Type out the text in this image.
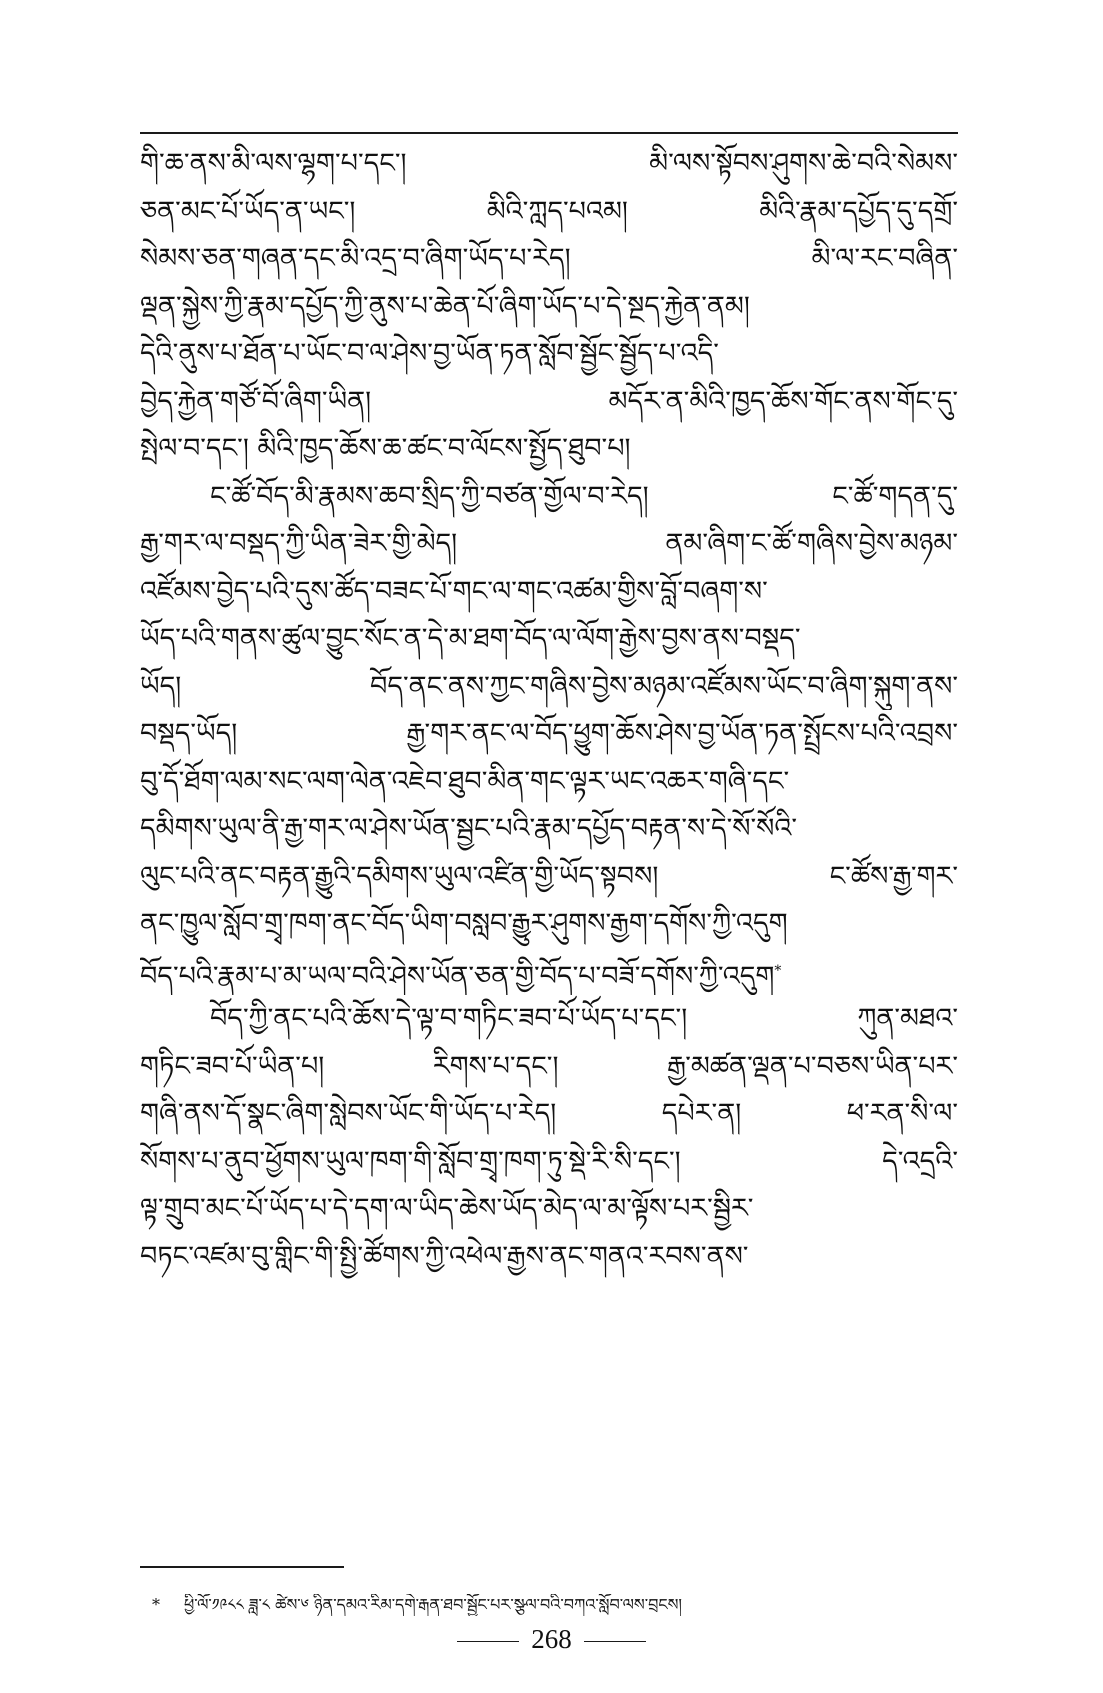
གི་ཆ་ནས་མི་ལས་ལྷག་པ་དང་། མི་ལས་སྟོབས་ཤུགས་ཆེ་བའི་སེམས་
ཅན་མང་པོ་ཡོད་ན་ཡང་། མིའི་ཀླད་པའམ། མིའི་རྣམ་དཔྱོད་དུ་དགྲོ་
སེམས་ཅན་གཞན་དང་མི་འདྲ་བ་ཞིག་ཡོད་པ་རེད། མི་ལ་རང་བཞིན་
ལྡན་སྐྱེས་ཀྱི་རྣམ་དཔྱོད་ཀྱི་ནུས་པ་ཆེན་པོ་ཞིག་ཡོད་པ་དེ་སྔད་རྐྱེན་ནམ།
དེའི་ནུས་པ་ཐོན་པ་ཡོང་བ་ལ་ཤེས་བྱ་ཡོན་ཏན་སློབ་སྦྱོང་སྦྱོད་པ་འདི་
བྱེད་རྐྱེན་གཙོ་བོ་ཞིག་ཡིན། མདོར་ན་མིའི་ཁྱད་ཆོས་གོང་ནས་གོང་དུ་
སྤེལ་བ་དང་། མིའི་ཁྱད་ཆོས་ཆ་ཚང་བ་ལོངས་སྤྱོད་ཐུབ་པ།
ང་ཚོ་བོད་མི་རྣམས་ཆབ་སྲིད་ཀྱི་བཙན་གྱོལ་བ་རེད། ང་ཚོ་གདན་དུ་
རྒྱ་གར་ལ་བསྡད་ཀྱི་ཡིན་ཟེར་གྱི་མེད། ནམ་ཞིག་ང་ཚོ་གཞིས་བྱེས་མཉམ་
འཛོམས་བྱེད་པའི་དུས་ཚོད་བཟང་པོ་གང་ལ་གང་འཚམ་གྱིས་བློ་བཞག་ས་
ཡོད་པའི་གནས་ཚུལ་བྱུང་སོང་ན་དེ་མ་ཐག་བོད་ལ་ལོག་རྒྱེས་བྱས་ནས་བསྡད་
ཡོད། བོད་ནང་ནས་ཀྱང་གཞིས་བྱེས་མཉམ་འཛོམས་ཡོང་བ་ཞིག་སྐུག་ནས་
བསྡད་ཡོད། རྒྱ་གར་ནང་ལ་བོད་ཕྱུག་ཆོས་ཤེས་བྱ་ཡོན་ཏན་སྤྲོངས་པའི་འབྲས་
བུ་དོ་ཐོག་ལམ་སང་ལག་ལེན་འཇེབ་ཐུབ་མིན་གང་ལྟར་ཡང་འཆར་གཞི་དང་
དམིགས་ཡུལ་ནི་རྒྱ་གར་ལ་ཤེས་ཡོན་སྦྱང་པའི་རྣམ་དཔྱོད་བརྟན་ས་དེ་སོ་སོའི་
ལུང་པའི་ནང་བརྟན་རྒྱུའི་དམིགས་ཡུལ་འཛིན་གྱི་ཡོད་སྟབས། ང་ཚོས་རྒྱ་གར་
ནང་ཁྱུལ་སློབ་གྲྭ་ཁག་ནང་བོད་ཡིག་བསླབ་རྒྱུར་ཤུགས་རྒྱག་དགོས་ཀྱི་འདུག
བོད་པའི་རྣམ་པ་མ་ཡལ་བའི་ཤེས་ཡོན་ཅན་གྱི་བོད་པ་བཟོ་དགོས་ཀྱི་འདུག*
བོད་ཀྱི་ནང་པའི་ཆོས་དེ་ལྟ་བ་གཏིང་ཟབ་པོ་ཡོད་པ་དང་། ཀུན་མཐའ་
གཏིང་ཟབ་པོ་ཡིན་པ། རིགས་པ་དང་། རྒྱ་མཚན་ལྡན་པ་བཅས་ཡིན་པར་
གཞི་ནས་དོ་སྣང་ཞིག་སླེབས་ཡོང་གི་ཡོད་པ་རེད། དཔེར་ན། ཕ་རན་སི་ལ་
སོགས་པ་ནུབ་ཕྱོགས་ཡུལ་ཁག་གི་སློབ་གྲྭ་ཁག་ཏུ་སྡེ་རི་སི་དང་། དེ་འདྲའི་
ལྟ་གྲུབ་མང་པོ་ཡོད་པ་དེ་དག་ལ་ཡིད་ཆེས་ཡོད་མེད་ལ་མ་ལྟོས་པར་སྦྱིར་
བཏང་འཛམ་བུ་གླིང་གི་སྤྱི་ཚོགས་ཀྱི་འཕེལ་རྒྱས་ནང་གནའ་རབས་ནས་
* ཕྱི་ལོ་༡༩༨༨ ཟླ་༨ ཚེས་༦ ཉིན་དམའ་རིམ་དགེ་རྒན་ཐབ་སྦྱོང་པར་སྩལ་བའི་བཀའ་སློབ་ལས་བྲངས།
268
